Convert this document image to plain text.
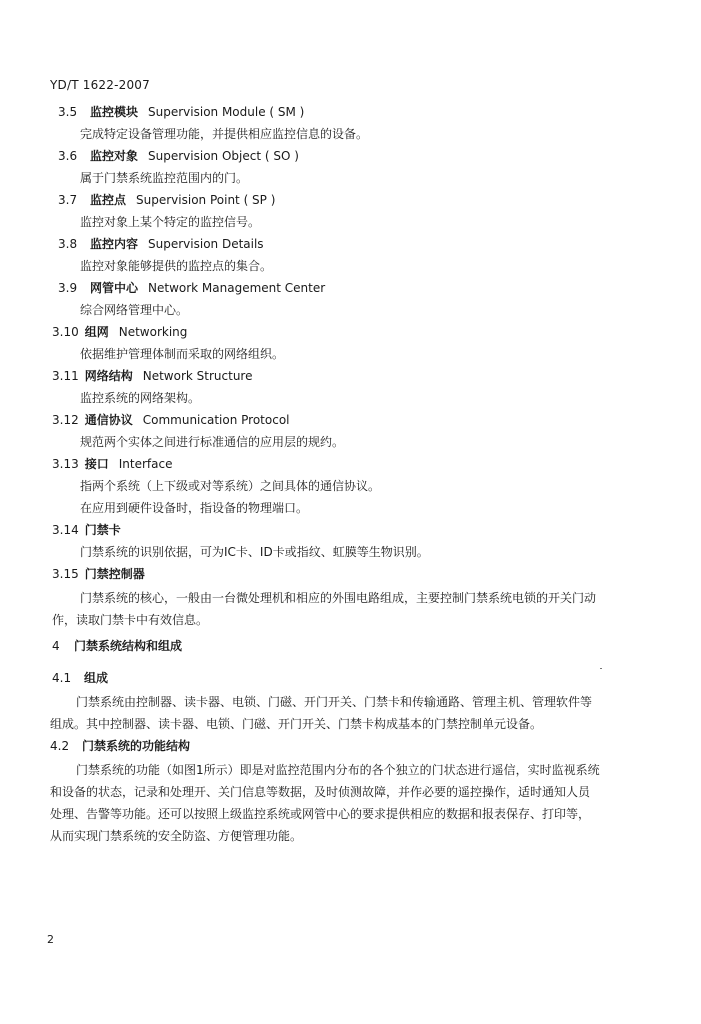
YD/T 1622-2007
3.5 监控模块 Supervision Module ( SM )
完成特定设备管理功能，并提供相应监控信息的设备。
3.6 监控对象 Supervision Object ( SO )
属于门禁系统监控范围内的门。
3.7 监控点 Supervision Point ( SP )
监控对象上某个特定的监控信号。
3.8 监控内容 Supervision Details
监控对象能够提供的监控点的集合。
3.9 网管中心 Network Management Center
综合网络管理中心。
3.10 组网 Networking
依据维护管理体制而采取的网络组织。
3.11 网络结构 Network Structure
监控系统的网络架构。
3.12 通信协议 Communication Protocol
规范两个实体之间进行标准通信的应用层的规约。
3.13 接口 Interface
指两个系统（上下级或对等系统）之间具体的通信协议。
在应用到硬件设备时，指设备的物理端口。
3.14 门禁卡
门禁系统的识别依据，可为IC卡、ID卡或指纹、虹膜等生物识别。
3.15 门禁控制器
门禁系统的核心，一般由一台微处理机和相应的外围电路组成，主要控制门禁系统电锁的开关门动
作，读取门禁卡中有效信息。
4 门禁系统结构和组成
4.1 组成
门禁系统由控制器、读卡器、电锁、门磁、开门开关、门禁卡和传输通路、管理主机、管理软件等
组成。其中控制器、读卡器、电锁、门磁、开门开关、门禁卡构成基本的门禁控制单元设备。
4.2 门禁系统的功能结构
门禁系统的功能（如图1所示）即是对监控范围内分布的各个独立的门状态进行遥信，实时监视系统
和设备的状态，记录和处理开、关门信息等数据，及时侦测故障，并作必要的遥控操作，适时通知人员
处理、告警等功能。还可以按照上级监控系统或网管中心的要求提供相应的数据和报表保存、打印等，
从而实现门禁系统的安全防盗、方便管理功能。
2
